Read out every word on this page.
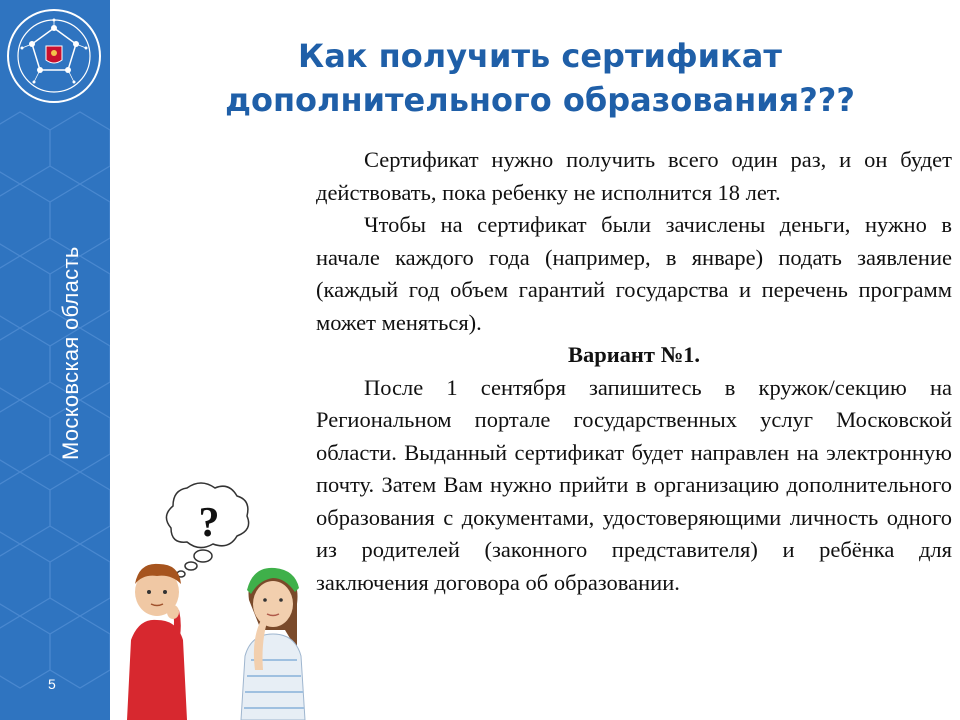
Московская область
5
Как получить сертификат
дополнительного образования???

Сертификат нужно получить всего один раз, и он будет действовать, пока ребенку не исполнится 18 лет.

Чтобы на сертификат были зачислены деньги, нужно в начале каждого года (например, в январе) подать заявление (каждый год объем гарантий государства и перечень программ может меняться).

Вариант №1.

После 1 сентября запишитесь в кружок/секцию на Региональном портале государственных услуг Московской области. Выданный сертификат будет направлен на электронную почту. Затем Вам нужно прийти в организацию дополнительного образования с документами, удостоверяющими личность одного из родителей (законного представителя) и ребёнка для заключения договора об образовании.

?
